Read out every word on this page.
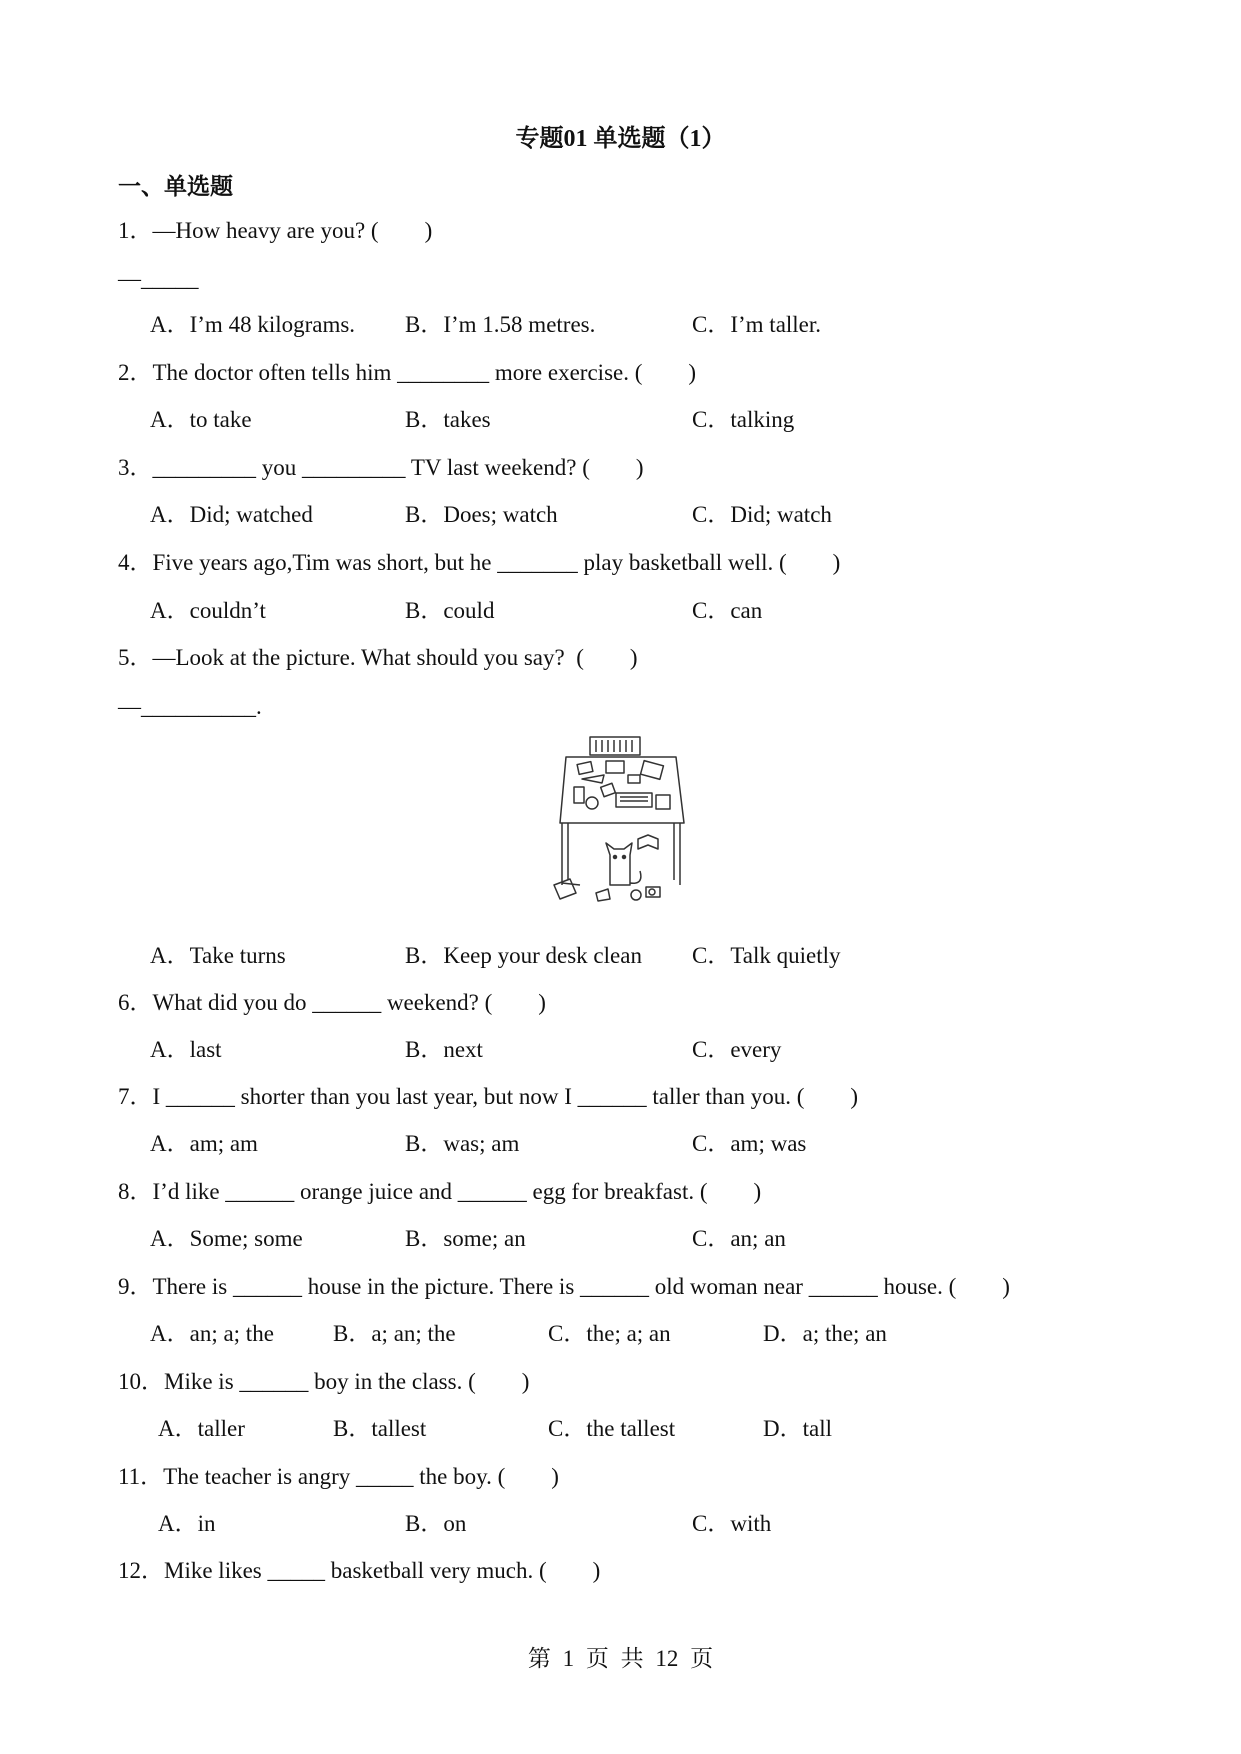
专题01 单选题（1）
一、单选题
1．—How heavy are you? (　　)
—_____
A．I’m 48 kilograms. B．I’m 1.58 metres.	C．I’m taller.
2．The doctor often tells him ________ more exercise. (　　)
A．to take	B．takes	C．talking
3．_________ you _________ TV last weekend? (　　)
A．Did; watched	B．Does; watch	C．Did; watch
4．Five years ago,Tim was short, but he _______ play basketball well. (　　)
A．couldn’t	B．could	C．can
5．—Look at the picture. What should you say?  (　　)
—__________.
A．Take turns	B．Keep your desk clean C．Talk quietly
6．What did you do ______ weekend? (　　)
A．last	B．next	C．every
7．I ______ shorter than you last year, but now I ______ taller than you. (　　)
A．am; am	B．was; am	C．am; was
8．I’d like ______ orange juice and ______ egg for breakfast. (　　)
A．Some; some	B．some; an	C．an; an
9．There is ______ house in the picture. There is ______ old woman near ______ house. (　　)
A．an; a; the	B．a; an; the	C．the; a; an	D．a; the; an
10．Mike is ______ boy in the class. (　　)
A．taller	B．tallest	C．the tallest	D．tall
11．The teacher is angry _____ the boy. (　　)
A．in	B．on	C．with
12．Mike likes _____ basketball very much. (　　)
第 1 页 共 12 页
